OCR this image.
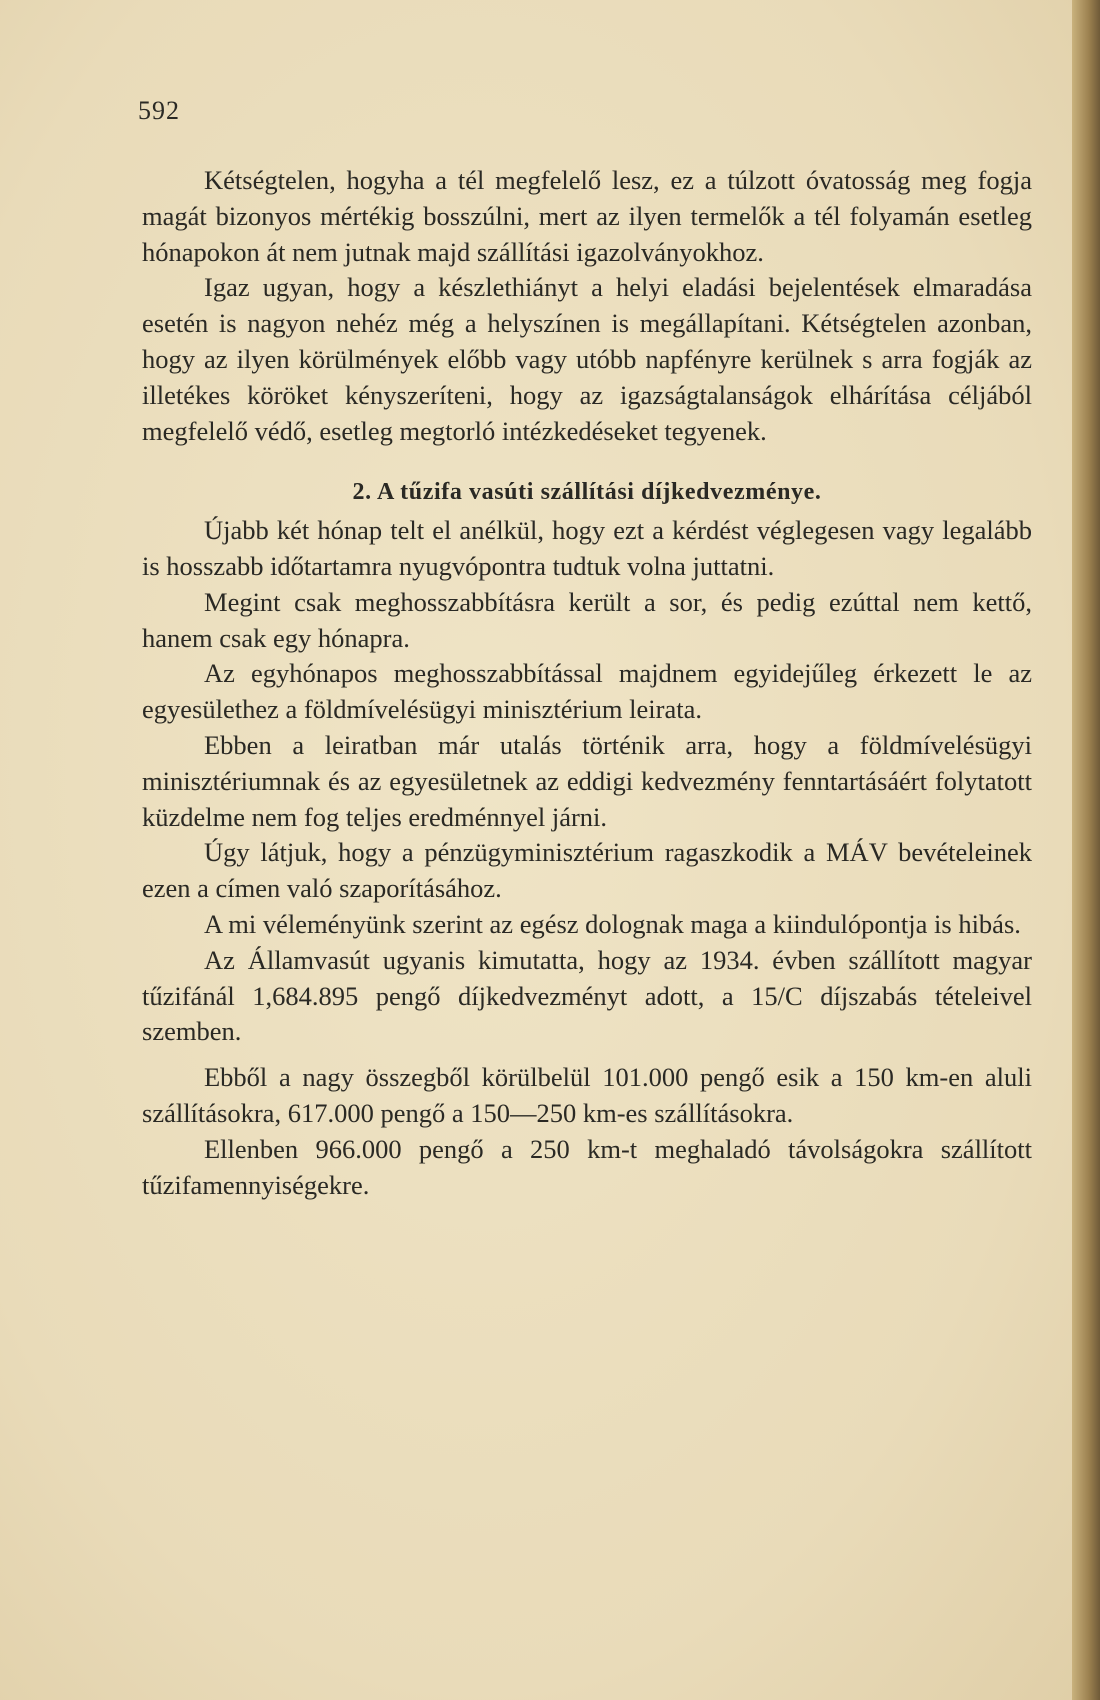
592

Kétségtelen, hogyha a tél megfelelő lesz, ez a túlzott óvatosság meg fogja magát bizonyos mértékig bosszúlni, mert az ilyen termelők a tél folyamán esetleg hónapokon át nem jutnak majd szállítási igazolványokhoz.

Igaz ugyan, hogy a készlethiányt a helyi eladási bejelentések elmaradása esetén is nagyon nehéz még a helyszínen is megállapítani. Kétségtelen azonban, hogy az ilyen körülmények előbb vagy utóbb napfényre kerülnek s arra fogják az illetékes köröket kényszeríteni, hogy az igazságtalanságok elhárítása céljából megfelelő védő, esetleg megtorló intézkedéseket tegyenek.

2. A tűzifa vasúti szállítási díjkedvezménye.

Újabb két hónap telt el anélkül, hogy ezt a kérdést véglegesen vagy legalább is hosszabb időtartamra nyugvópontra tudtuk volna juttatni.

Megint csak meghosszabbításra került a sor, és pedig ezúttal nem kettő, hanem csak egy hónapra.

Az egyhónapos meghosszabbítással majdnem egyidejűleg érkezett le az egyesülethez a földmívelésügyi minisztérium leirata.

Ebben a leiratban már utalás történik arra, hogy a földmívelésügyi minisztériumnak és az egyesületnek az eddigi kedvezmény fenntartásáért folytatott küzdelme nem fog teljes eredménnyel járni.

Úgy látjuk, hogy a pénzügyminisztérium ragaszkodik a MÁV bevételeinek ezen a címen való szaporításához.

A mi véleményünk szerint az egész dolognak maga a kiindulópontja is hibás.

Az Államvasút ugyanis kimutatta, hogy az 1934. évben szállított magyar tűzifánál 1,684.895 pengő díjkedvezményt adott, a 15/C díjszabás tételeivel szemben.

Ebből a nagy összegből körülbelül 101.000 pengő esik a 150 km-en aluli szállításokra, 617.000 pengő a 150—250 km-es szállításokra.

Ellenben 966.000 pengő a 250 km-t meghaladó távolságokra szállított tűzifamennyiségekre.
